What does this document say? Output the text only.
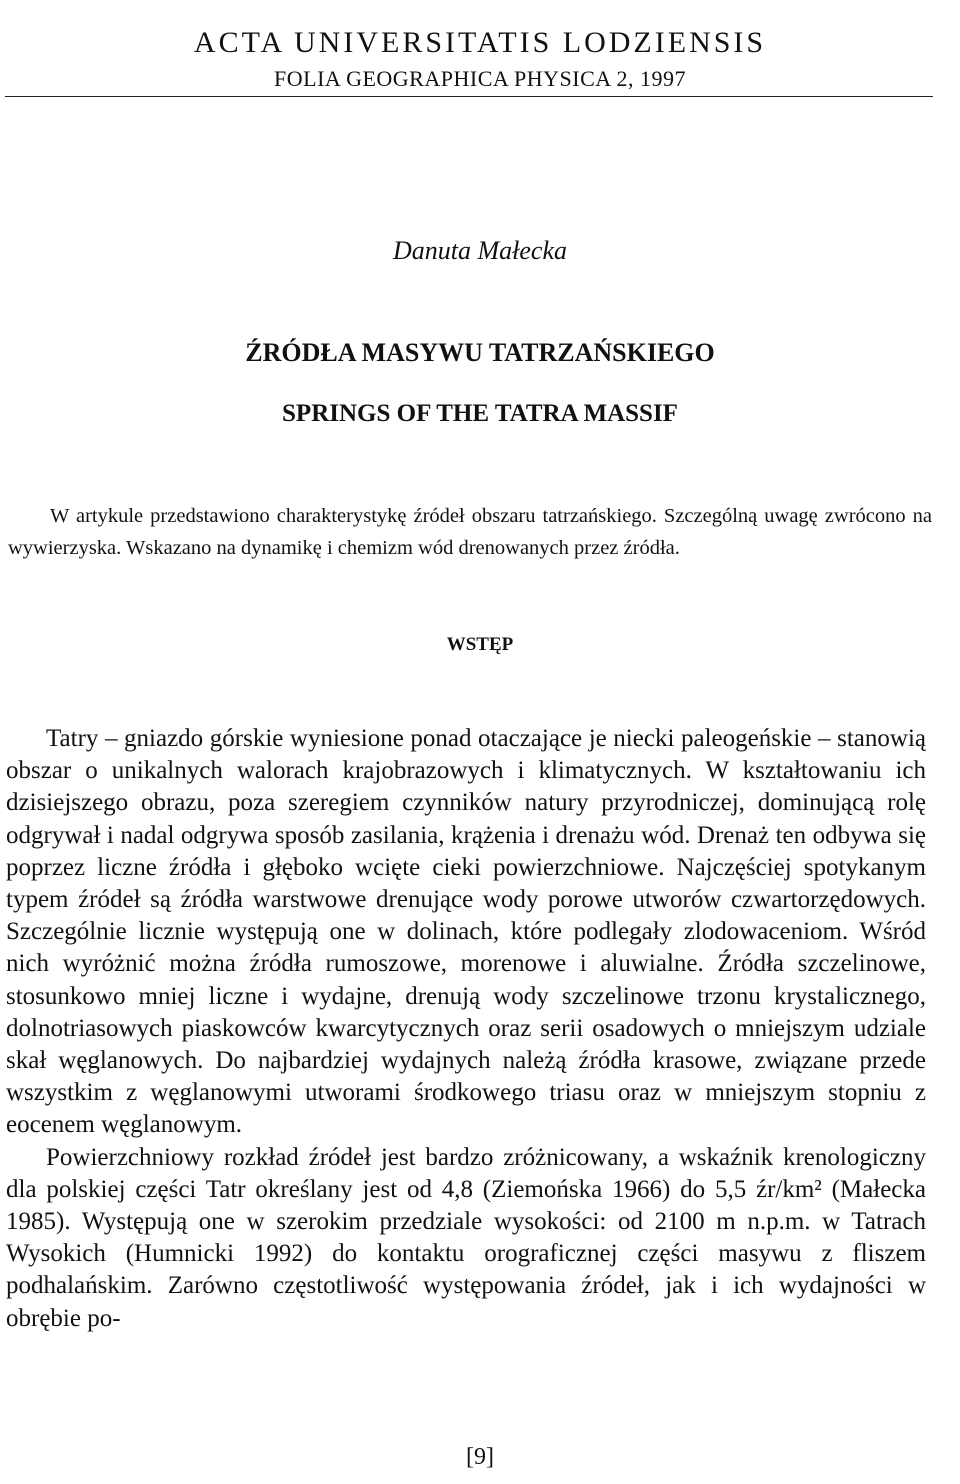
ACTA UNIVERSITATIS LODZIENSIS
FOLIA GEOGRAPHICA PHYSICA 2, 1997
Danuta Małecka
ŹRÓDŁA MASYWU TATRZAŃSKIEGO
SPRINGS OF THE TATRA MASSIF
W artykule przedstawiono charakterystykę źródeł obszaru tatrzańskiego. Szczególną uwagę zwrócono na wywierzyska. Wskazano na dynamikę i chemizm wód drenowanych przez źródła.
WSTĘP

Tatry – gniazdo górskie wyniesione ponad otaczające je niecki paleogeńskie – stanowią obszar o unikalnych walorach krajobrazowych i klimatycznych. W kształtowaniu ich dzisiejszego obrazu, poza szeregiem czynników natury przyrodniczej, dominującą rolę odgrywał i nadal odgrywa sposób zasilania, krążenia i drenażu wód. Drenaż ten odbywa się poprzez liczne źródła i głęboko wcięte cieki powierzchniowe. Najczęściej spotykanym typem źródeł są źródła warstwowe drenujące wody porowe utworów czwartorzędowych. Szczególnie licznie występują one w dolinach, które podlegały zlodowaceniom. Wśród nich wyróżnić można źródła rumoszowe, morenowe i aluwialne. Źródła szczelinowe, stosunkowo mniej liczne i wydajne, drenują wody szczelinowe trzonu krystalicznego, dolnotriasowych piaskowców kwarcytycznych oraz serii osadowych o mniejszym udziale skał węglanowych. Do najbardziej wydajnych należą źródła krasowe, związane przede wszystkim z węglanowymi utworami środkowego triasu oraz w mniejszym stopniu z eocenem węglanowym.

Powierzchniowy rozkład źródeł jest bardzo zróżnicowany, a wskaźnik krenologiczny dla polskiej części Tatr określany jest od 4,8 (Ziemońska 1966) do 5,5 źr/km² (Małecka 1985). Występują one w szerokim przedziale wysokości: od 2100 m n.p.m. w Tatrach Wysokich (Humnicki 1992) do kontaktu orograficznej części masywu z fliszem podhalańskim. Zarówno częstotliwość występowania źródeł, jak i ich wydajności w obrębie po-

[9]
